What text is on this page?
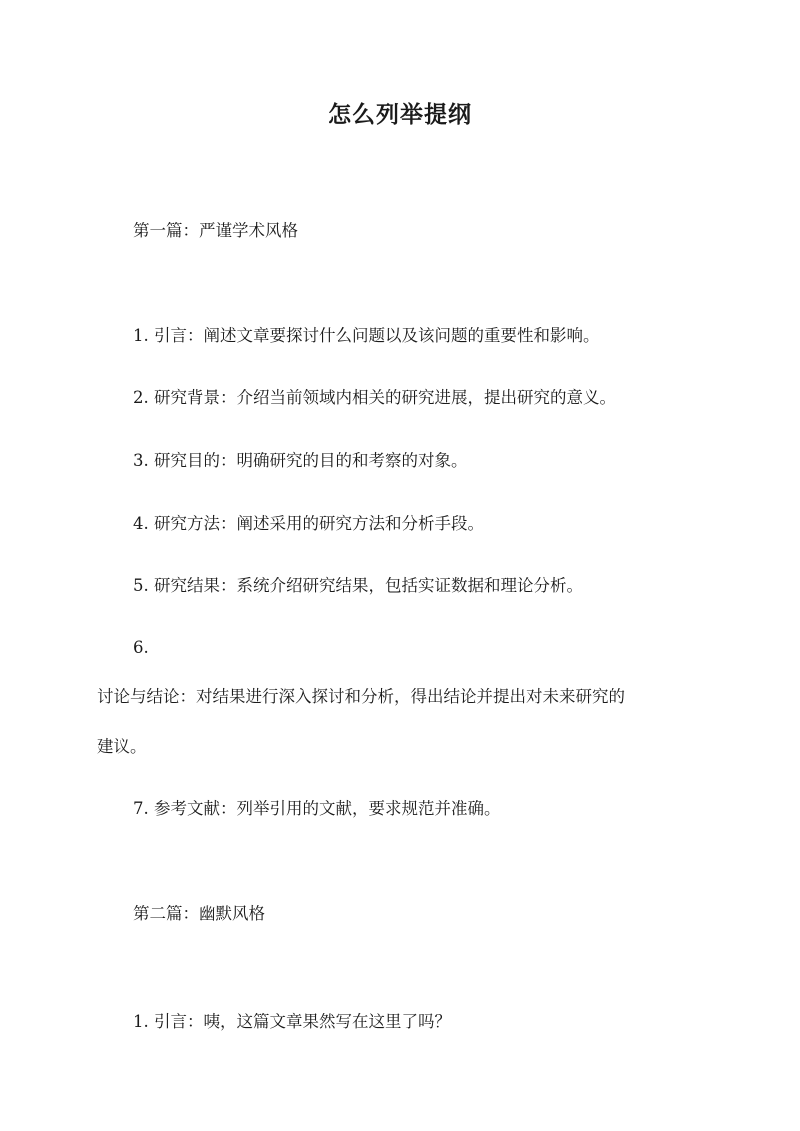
怎么列举提纲
第一篇：严谨学术风格
1. 引言：阐述文章要探讨什么问题以及该问题的重要性和影响。
2. 研究背景：介绍当前领域内相关的研究进展，提出研究的意义。
3. 研究目的：明确研究的目的和考察的对象。
4. 研究方法：阐述采用的研究方法和分析手段。
5. 研究结果：系统介绍研究结果，包括实证数据和理论分析。
6.
讨论与结论：对结果进行深入探讨和分析，得出结论并提出对未来研究的
建议。
7. 参考文献：列举引用的文献，要求规范并准确。
第二篇：幽默风格
1. 引言：咦，这篇文章果然写在这里了吗？
